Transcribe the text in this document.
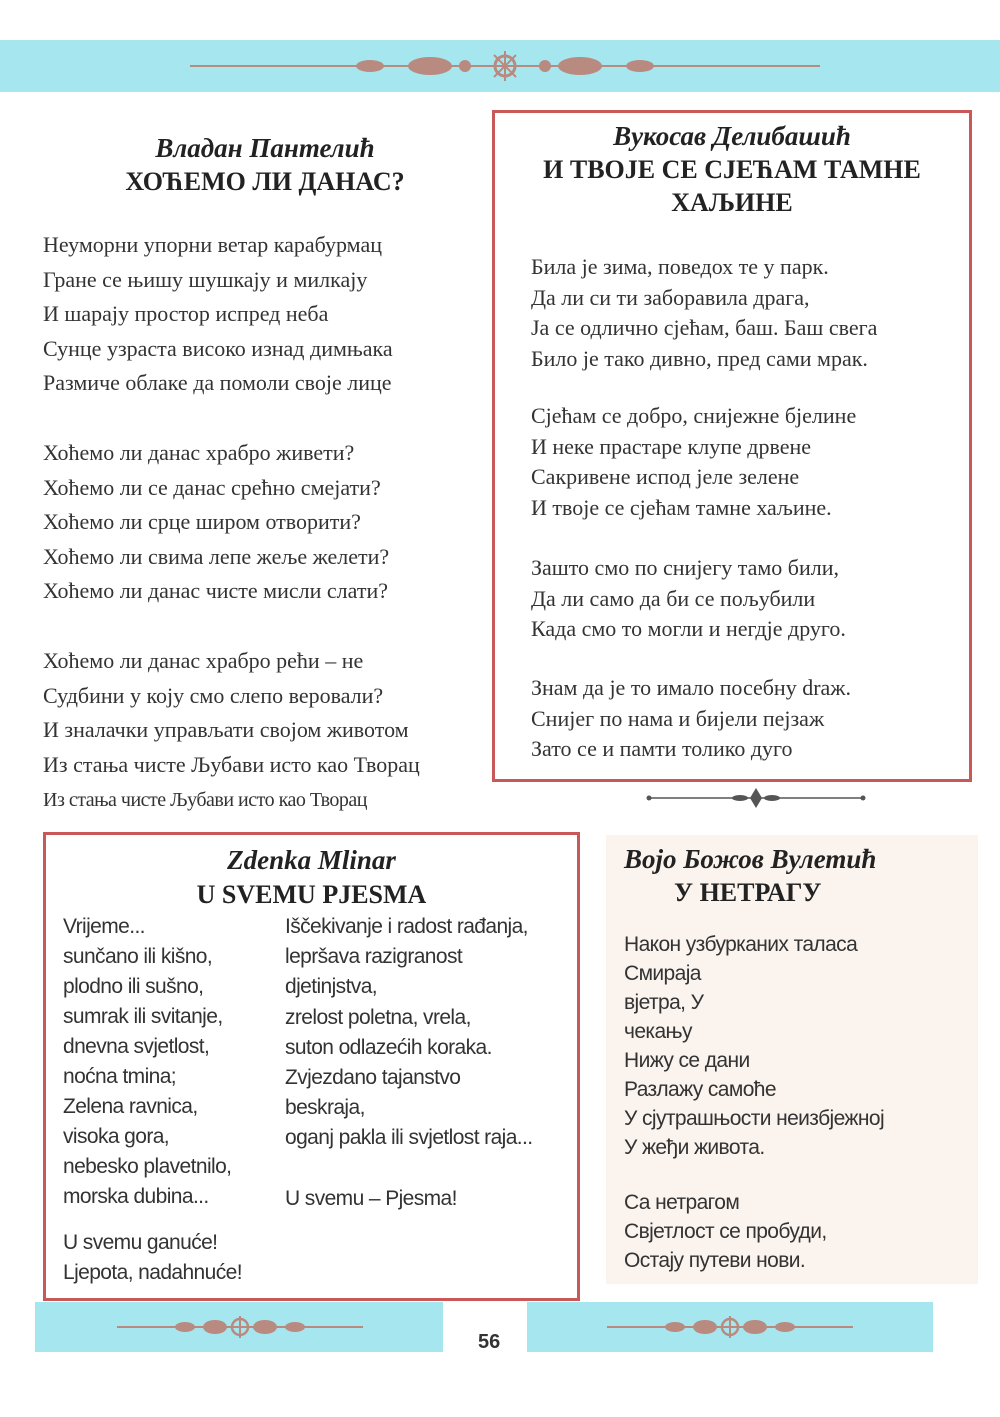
Владан Пантелић

ХОЋЕМО ЛИ ДАНАС?

Неуморни упорни ветар карабурмац
Гране се њишу шушкају и милкају
И шарају простор испред неба
Сунце узраста високо изнад димњака
Размиче облаке да помоли своје лице
Хоћемо ли данас храбро живети?
Хоћемо ли се данас срећно смејати?
Хоћемо ли срце широм отворити?
Хоћемо ли свима лепе жеље желети?
Хоћемо ли данас чисте мисли слати?
Хоћемо ли данас храбро рећи – не
Судбини у коју смо слепо веровали?
И зналачки управљати својом животом
Из стања чисте Љубави исто као Творац
Из стања чисте Љубави исто као Творац

Вукосав Делибашић

И ТВОЈЕ СЕ СЈЕЋАМ ТАМНЕ

ХАЉИНЕ

Била је зима, поведох те у парк.
Да ли си ти заборавила драга,
Ја се одлично сјећам, баш. Баш свега
Било је тако дивно, пред сами мрак.
Сјећам се добро, снијежне бјелине
И неке прастаре клупе дрвене
Сакривене испод јеле зелене
И твоје се сјећам тамне хаљине.
Зашто смо по снијегу тамо били,
Да ли само да би се пољубили
Када смо то могли и негдје друго.
Знам да је то имало посебну draж.
Снијег по нама и бијели пејзаж
Зато се и памти толико дуго

Zdenka Mlinar

U SVEMU PJESMA

Vrijeme...
sunčano ili kišno,
plodno ili sušno,
sumrak ili svitanje,
dnevna svjetlost,
noćna tmina;
Zelena ravnica,
visoka gora,
nebesko plavetnilo,
morska dubina...
U svemu ganuće!
Ljepota, nadahnuće!
Iščekivanje i radost rađanja,
lepršava razigranost
djetinjstva,
zrelost poletna, vrela,
suton odlazećih koraka.
Zvjezdano tajanstvo
beskraja,
oganj pakla ili svjetlost raja...
U svemu – Pjesma!
Војо Божов Вулетић
У НЕТРАГУ
Након узбурканих таласа
Смираја
вјетра, У
чекању
Нижу се дани
Разлажу самоће
У сјутрашњости неизбјежној
У жеђи живота.
Са нетрагом
Свјетлост се пробуди,
Остају путеви нови.
56
